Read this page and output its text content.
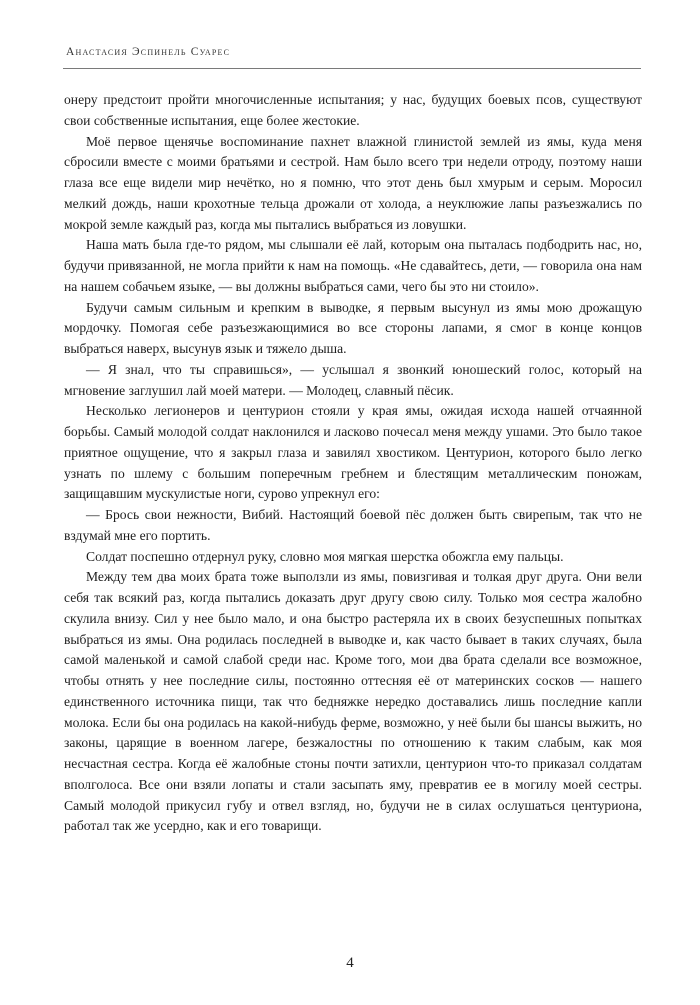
Анастасия Эспинель Суарес

онеру предстоит пройти многочисленные испытания; у нас, будущих боевых псов, существуют свои собственные испытания, еще более жестокие.

Моё первое щенячье воспоминание пахнет влажной глинистой землей из ямы, куда меня сбросили вместе с моими братьями и сестрой. Нам было всего три недели отроду, поэтому наши глаза все еще видели мир нечётко, но я помню, что этот день был хмурым и серым. Моросил мелкий дождь, наши крохотные тельца дрожали от холода, а неуклюжие лапы разъезжались по мокрой земле каждый раз, когда мы пытались выбраться из ловушки.

Наша мать была где-то рядом, мы слышали её лай, которым она пыталась подбодрить нас, но, будучи привязанной, не могла прийти к нам на помощь. «Не сдавайтесь, дети, — говорила она нам на нашем собачьем языке, — вы должны выбраться сами, чего бы это ни стоило».

Будучи самым сильным и крепким в выводке, я первым высунул из ямы мою дрожащую мордочку. Помогая себе разъезжающимися во все стороны лапами, я смог в конце концов выбраться наверх, высунув язык и тяжело дыша.

— Я знал, что ты справишься», — услышал я звонкий юношеский голос, который на мгновение заглушил лай моей матери. — Молодец, славный пёсик.

Несколько легионеров и центурион стояли у края ямы, ожидая исхода нашей отчаянной борьбы. Самый молодой солдат наклонился и ласково почесал меня между ушами. Это было такое приятное ощущение, что я закрыл глаза и завилял хвостиком. Центурион, которого было легко узнать по шлему с большим поперечным гребнем и блестящим металлическим поножам, защищавшим мускулистые ноги, сурово упрекнул его:

— Брось свои нежности, Вибий. Настоящий боевой пёс должен быть свирепым, так что не вздумай мне его портить.

Солдат поспешно отдернул руку, словно моя мягкая шерстка обожгла ему пальцы.

Между тем два моих брата тоже выползли из ямы, повизгивая и толкая друг друга. Они вели себя так всякий раз, когда пытались доказать друг другу свою силу. Только моя сестра жалобно скулила внизу. Сил у нее было мало, и она быстро растеряла их в своих безуспешных попытках выбраться из ямы. Она родилась последней в выводке и, как часто бывает в таких случаях, была самой маленькой и самой слабой среди нас. Кроме того, мои два брата сделали все возможное, чтобы отнять у нее последние силы, постоянно оттесняя её от материнских сосков — нашего единственного источника пищи, так что бедняжке нередко доставались лишь последние капли молока. Если бы она родилась на какой-нибудь ферме, возможно, у неё были бы шансы выжить, но законы, царящие в военном лагере, безжалостны по отношению к таким слабым, как моя несчастная сестра. Когда её жалобные стоны почти затихли, центурион что-то приказал солдатам вполголоса. Все они взяли лопаты и стали засыпать яму, превратив ее в могилу моей сестры. Самый молодой прикусил губу и отвел взгляд, но, будучи не в силах ослушаться центуриона, работал так же усердно, как и его товарищи.

4
